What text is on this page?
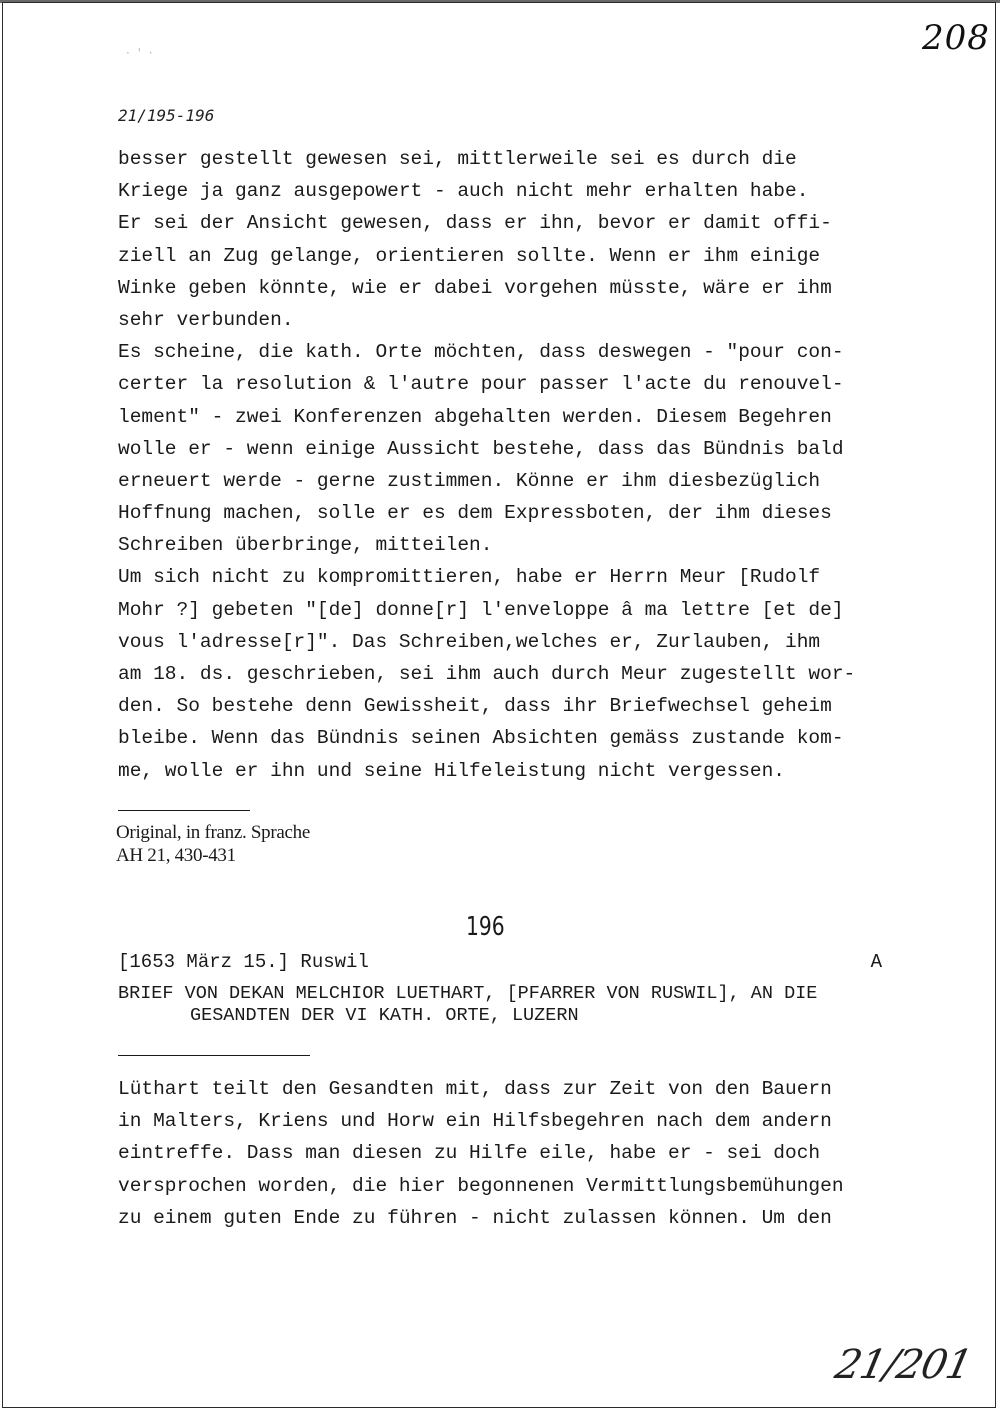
208
· ' ·
21/195-196
besser gestellt gewesen sei, mittlerweile sei es durch die
Kriege ja ganz ausgepowert - auch nicht mehr erhalten habe.
Er sei der Ansicht gewesen, dass er ihn, bevor er damit offi-
ziell an Zug gelange, orientieren sollte. Wenn er ihm einige
Winke geben könnte, wie er dabei vorgehen müsste, wäre er ihm
sehr verbunden.
Es scheine, die kath. Orte möchten, dass deswegen - "pour con-
certer la resolution & l'autre pour passer l'acte du renouvel-
lement" - zwei Konferenzen abgehalten werden. Diesem Begehren
wolle er - wenn einige Aussicht bestehe, dass das Bündnis bald
erneuert werde - gerne zustimmen. Könne er ihm diesbezüglich
Hoffnung machen, solle er es dem Expressboten, der ihm dieses
Schreiben überbringe, mitteilen.
Um sich nicht zu kompromittieren, habe er Herrn Meur [Rudolf
Mohr ?] gebeten "[de] donne[r] l'enveloppe â ma lettre [et de]
vous l'adresse[r]". Das Schreiben,welches er, Zurlauben, ihm
am 18. ds. geschrieben, sei ihm auch durch Meur zugestellt wor-
den. So bestehe denn Gewissheit, dass ihr Briefwechsel geheim
bleibe. Wenn das Bündnis seinen Absichten gemäss zustande kom-
me, wolle er ihn und seine Hilfeleistung nicht vergessen.
Original, in franz. Sprache
AH 21, 430-431
196
[1653 März 15.] Ruswil	A
BRIEF VON DEKAN MELCHIOR LUETHART, [PFARRER VON RUSWIL], AN DIE
GESANDTEN DER VI KATH. ORTE, LUZERN
Lüthart teilt den Gesandten mit, dass zur Zeit von den Bauern
in Malters, Kriens und Horw ein Hilfsbegehren nach dem andern
eintreffe. Dass man diesen zu Hilfe eile, habe er - sei doch
versprochen worden, die hier begonnenen Vermittlungsbemühungen
zu einem guten Ende zu führen - nicht zulassen können. Um den
21/201
